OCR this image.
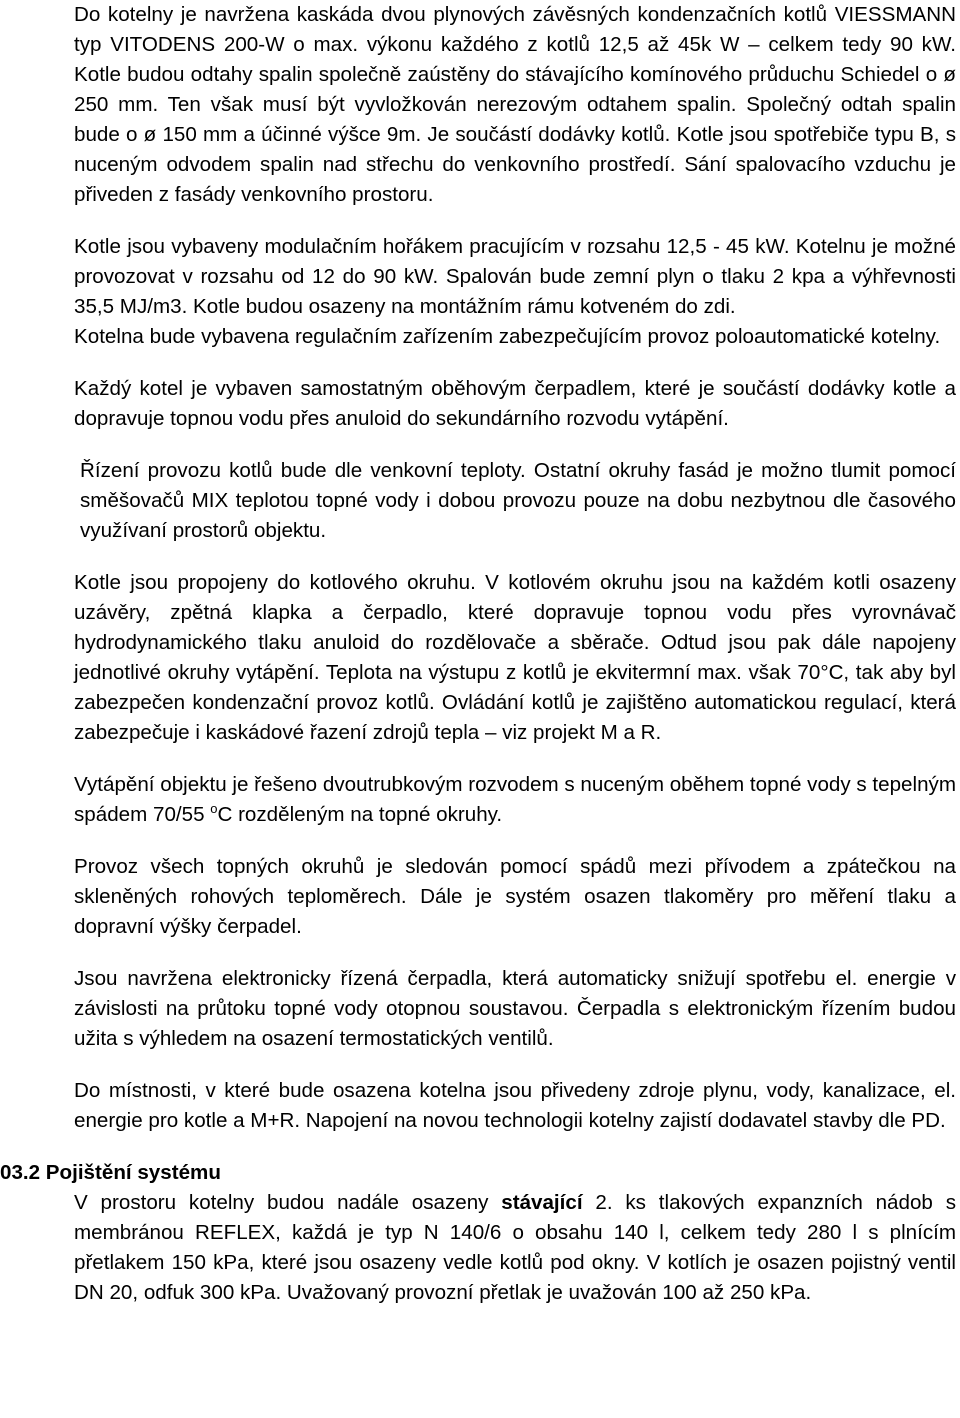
Do kotelny je navržena kaskáda dvou plynových závěsných kondenzačních kotlů VIESSMANN typ VITODENS 200-W o max. výkonu každého z kotlů 12,5 až 45k W – celkem tedy 90 kW. Kotle budou odtahy spalin společně zaústěny do stávajícího komínového průduchu Schiedel o ø 250 mm. Ten však musí být vyvložkován nerezovým odtahem spalin. Společný odtah spalin bude o ø 150 mm a účinné výšce 9m. Je součástí dodávky kotlů. Kotle jsou spotřebiče typu B, s nuceným odvodem spalin nad střechu do venkovního prostředí. Sání spalovacího vzduchu je přiveden z fasády venkovního prostoru.

Kotle jsou vybaveny modulačním hořákem pracujícím v rozsahu 12,5 - 45 kW. Kotelnu je možné provozovat v rozsahu od 12 do 90 kW. Spalován bude zemní plyn o tlaku 2 kpa a výhřevnosti 35,5 MJ/m3. Kotle budou osazeny na montážním rámu kotveném do zdi.

Kotelna bude vybavena regulačním zařízením zabezpečujícím provoz poloautomatické kotelny.

Každý kotel je vybaven samostatným oběhovým čerpadlem, které je součástí dodávky kotle a dopravuje topnou vodu přes anuloid do sekundárního rozvodu vytápění.

Řízení provozu kotlů bude dle venkovní teploty. Ostatní okruhy fasád je možno tlumit pomocí směšovačů MIX teplotou topné vody i dobou provozu pouze na dobu nezbytnou dle časového využívaní prostorů objektu.

Kotle jsou propojeny do kotlového okruhu. V kotlovém okruhu jsou na každém kotli osazeny uzávěry, zpětná klapka a čerpadlo, které dopravuje topnou vodu přes vyrovnávač hydrodynamického tlaku anuloid do rozdělovače a sběrače. Odtud jsou pak dále napojeny jednotlivé okruhy vytápění. Teplota na výstupu z kotlů je ekvitermní max. však 70°C, tak aby byl zabezpečen kondenzační provoz kotlů. Ovládání kotlů je zajištěno automatickou regulací, která zabezpečuje i kaskádové řazení zdrojů tepla – viz projekt M a R.

Vytápění objektu je řešeno dvoutrubkovým rozvodem s nuceným oběhem topné vody s tepelným spádem 70/55 $^o$C rozděleným na topné okruhy.

Provoz všech topných okruhů je sledován pomocí spádů mezi přívodem a zpátečkou na skleněných rohových teploměrech. Dále je systém osazen tlakoměry pro měření tlaku a dopravní výšky čerpadel.

Jsou navržena elektronicky řízená čerpadla, která automaticky snižují spotřebu el. energie v závislosti na průtoku topné vody otopnou soustavou. Čerpadla s elektronickým řízením budou užita s výhledem na osazení termostatických ventilů.

Do místnosti, v které bude osazena kotelna jsou přivedeny zdroje plynu, vody, kanalizace, el. energie pro kotle a M+R. Napojení na novou technologii kotelny zajistí dodavatel stavby dle PD.

03.2 Pojištění systému

V prostoru kotelny budou nadále osazeny stávající 2. ks tlakových expanzních nádob s membránou REFLEX, každá je typ N 140/6 o obsahu 140 l, celkem tedy 280 l s plnícím přetlakem 150 kPa, které jsou osazeny vedle kotlů pod okny. V kotlích je osazen pojistný ventil DN 20, odfuk 300 kPa. Uvažovaný provozní přetlak je uvažován 100 až 250 kPa.
